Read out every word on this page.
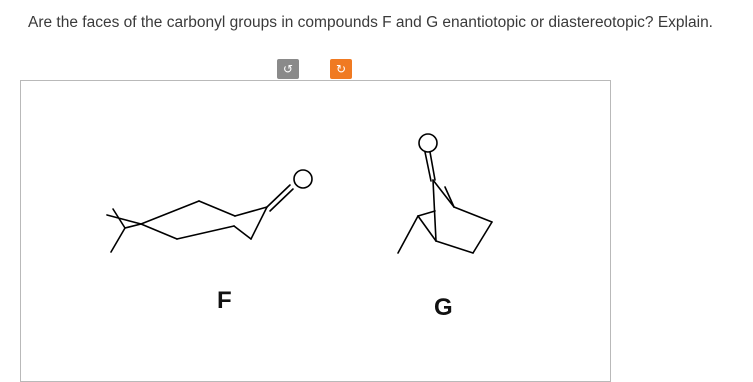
Are the faces of the carbonyl groups in compounds F and G enantiotopic or diastereotopic? Explain.
↺	↻
F	G
